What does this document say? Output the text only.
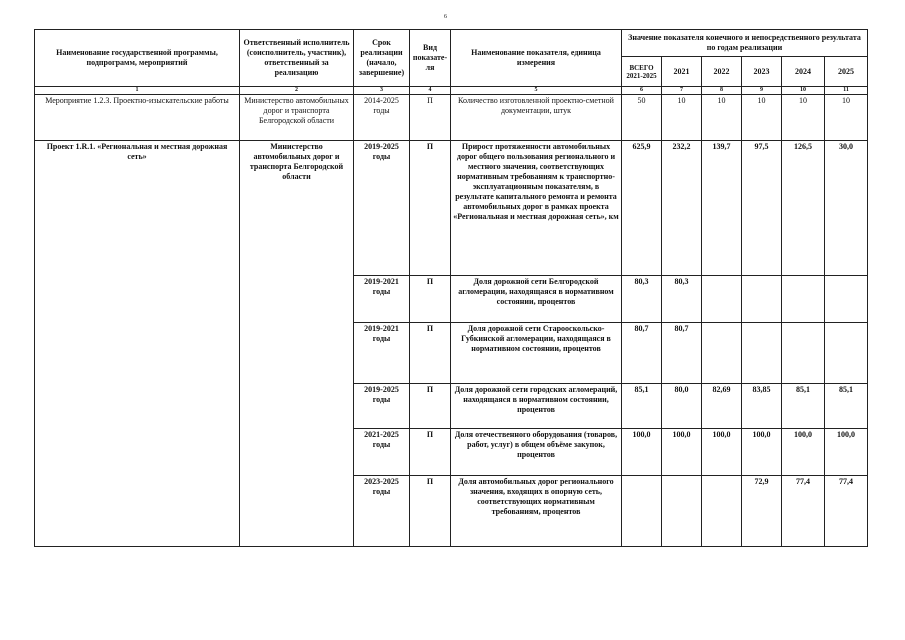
6
Наименование государственной программы, подпрограмм, мероприятий	Ответственный исполнитель (соисполнитель, участник), ответственный за реализацию	Срок реализации (начало, завершение)	Вид показате-ля	Наименование показателя, единица измерения	Значение показателя конечного и непосредственного результата по годам реализации					
					ВСЕГО 2021-2025	2021	2022	2023	2024	2025
1	2	3	4	5	6	7	8	9	10	11
Мероприятие 1.2.3. Проектно-изыскательские работы	Министерство автомобильных дорог и транспорта Белгородской области	2014-2025 годы	П	Количество изготовленной проектно-сметной документации, штук	50	10	10	10	10	10
Проект 1.R.1. «Региональная и местная дорожная сеть»	Министерство автомобильных дорог и транспорта Белгородской области	2019-2025 годы	П	Прирост протяженности автомобильных дорог общего пользования регионального и местного значения, соответствующих нормативным требованиям к транспортно-эксплуатационным показателям, в результате капитального ремонта и ремонта автомобильных дорог в рамках проекта «Региональная и местная дорожная сеть», км	625,9	232,2	139,7	97,5	126,5	30,0
		2019-2021 годы	П	Доля дорожной сети Белгородской агломерации, находящаяся в нормативном состоянии, процентов	80,3	80,3				
		2019-2021 годы	П	Доля дорожной сети Старооскольско-Губкинской агломерации, находящаяся в нормативном состоянии, процентов	80,7	80,7				
		2019-2025 годы	П	Доля дорожной сети городских агломераций, находящаяся в нормативном состоянии, процентов	85,1	80,0	82,69	83,85	85,1	85,1
		2021-2025 годы	П	Доля отечественного оборудования (товаров, работ, услуг) в общем объёме закупок, процентов	100,0	100,0	100,0	100,0	100,0	100,0
		2023-2025 годы	П	Доля автомобильных дорог регионального значения, входящих в опорную сеть, соответствующих нормативным требованиям, процентов				72,9	77,4	77,4
